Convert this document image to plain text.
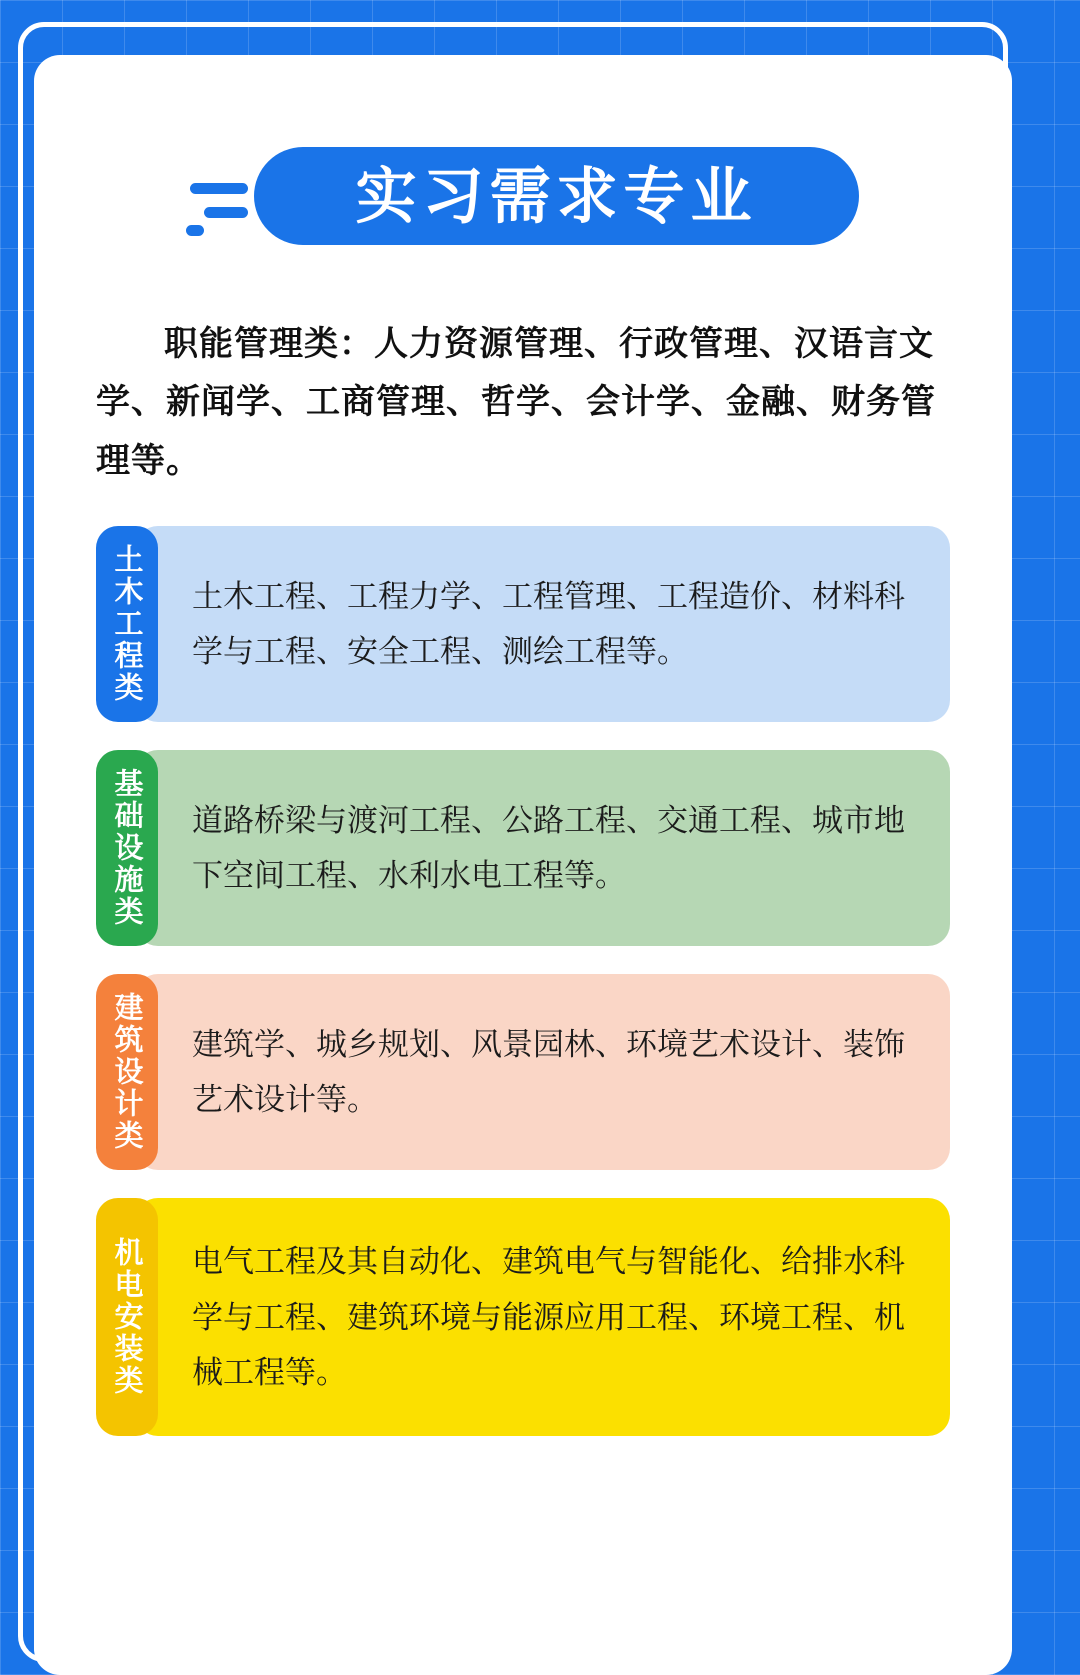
实习需求专业

职能管理类：人力资源管理、行政管理、汉语言文学、新闻学、工商管理、哲学、会计学、金融、财务管理等。

土木工程类	土木工程、工程力学、工程管理、工程造价、材料科学与工程、安全工程、测绘工程等。
基础设施类	道路桥梁与渡河工程、公路工程、交通工程、城市地下空间工程、水利水电工程等。
建筑设计类	建筑学、城乡规划、风景园林、环境艺术设计、装饰艺术设计等。
机电安装类	电气工程及其自动化、建筑电气与智能化、给排水科学与工程、建筑环境与能源应用工程、环境工程、机械工程等。
